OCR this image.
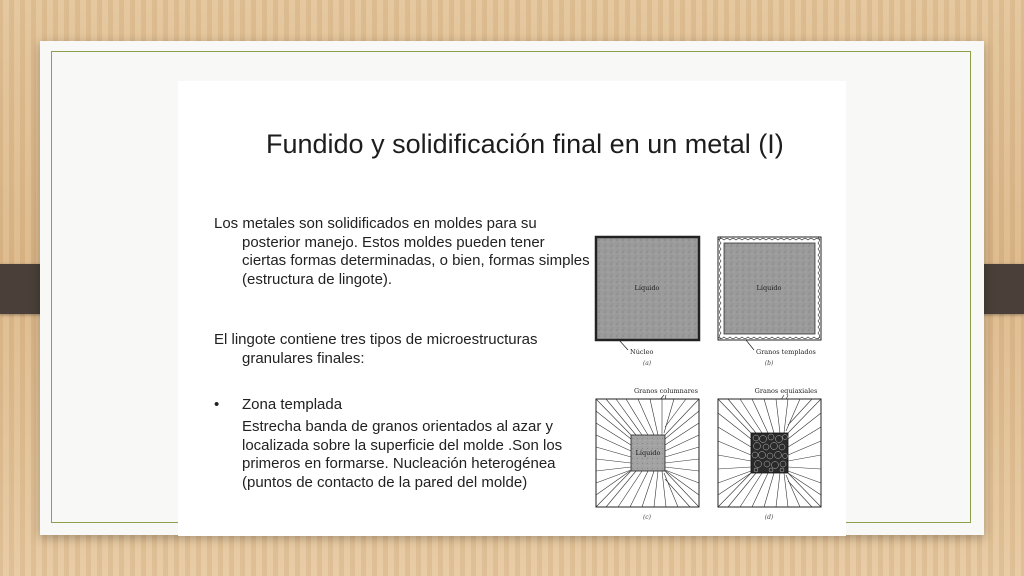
Fundido y solidificación final en un metal (I)

Los metales son solidificados en moldes para su posterior manejo. Estos moldes pueden tener ciertas formas determinadas, o bien, formas simples (estructura de lingote).

El lingote contiene tres tipos de microestructuras granulares finales:

• Zona templada

Estrecha banda de granos orientados al azar y localizada sobre la superficie del molde .Son los primeros en formarse. Nucleación heterogénea (puntos de contacto de la pared del molde)

Líquido
Núcleo
(a)
Líquido
Granos templados
(b)
Granos columnares
Líquido
(c)
Granos equiaxiales
(d)
